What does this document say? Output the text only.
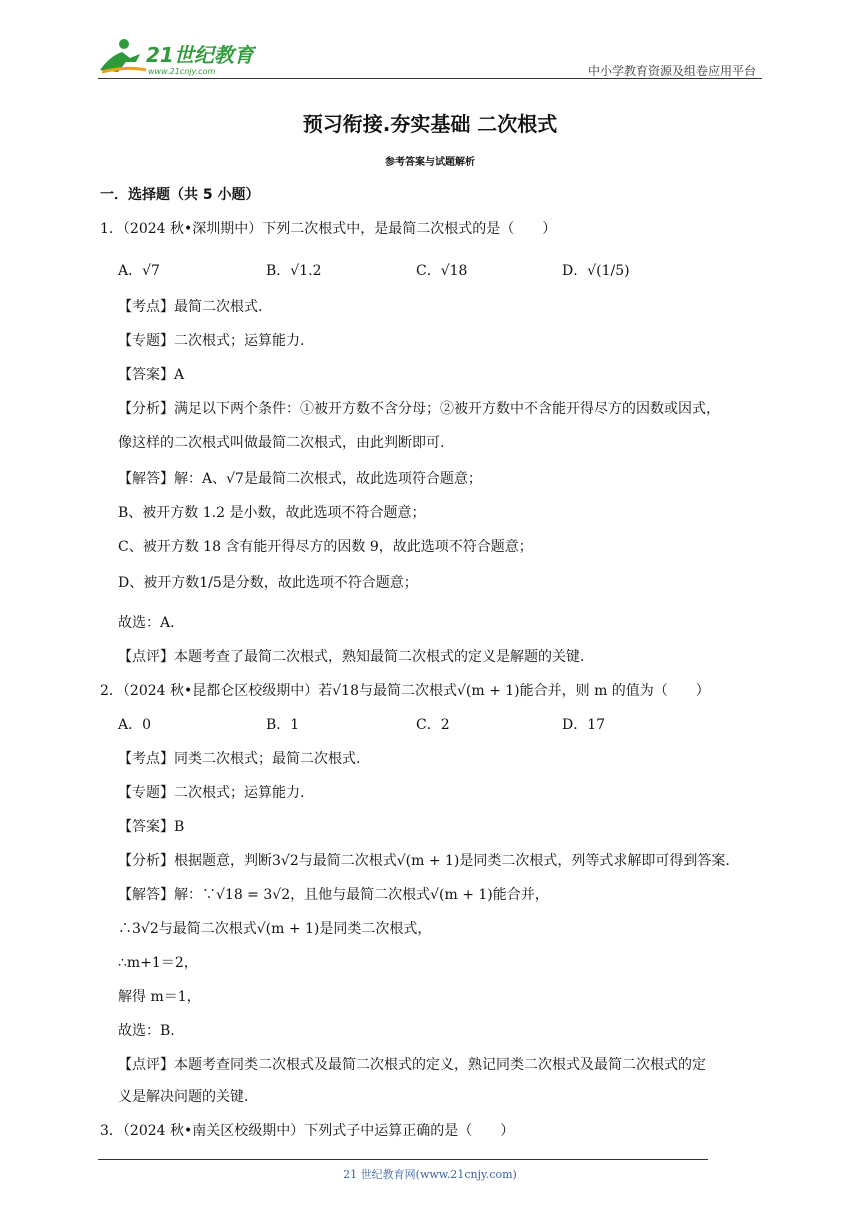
21世纪教育
www.21cnjy.com	中小学教育资源及组卷应用平台
预习衔接.夯实基础 二次根式
参考答案与试题解析
一．选择题（共 5 小题）
1．（2024 秋•深圳期中）下列二次根式中，是最简二次根式的是（　　）
A．√7	B．√1.2	C．√18	D．√(1/5)
【考点】最简二次根式.
【专题】二次根式；运算能力.
【答案】A
【分析】满足以下两个条件：①被开方数不含分母；②被开方数中不含能开得尽方的因数或因式，
像这样的二次根式叫做最简二次根式，由此判断即可.
【解答】解：A、√7是最简二次根式，故此选项符合题意；
B、被开方数 1.2 是小数，故此选项不符合题意；
C、被开方数 18 含有能开得尽方的因数 9，故此选项不符合题意；
D、被开方数1/5是分数，故此选项不符合题意；
故选：A.
【点评】本题考查了最简二次根式，熟知最简二次根式的定义是解题的关键.
2．（2024 秋•昆都仑区校级期中）若√18与最简二次根式√(m + 1)能合并，则 m 的值为（　　）
A．0	B．1	C．2	D．17
【考点】同类二次根式；最简二次根式.
【专题】二次根式；运算能力.
【答案】B
【分析】根据题意，判断3√2与最简二次根式√(m + 1)是同类二次根式，列等式求解即可得到答案.
【解答】解：∵√18 = 3√2，且他与最简二次根式√(m + 1)能合并，
∴3√2与最简二次根式√(m + 1)是同类二次根式，
∴m+1＝2，
解得 m＝1，
故选：B.
【点评】本题考查同类二次根式及最简二次根式的定义，熟记同类二次根式及最简二次根式的定
义是解决问题的关键.
3．（2024 秋•南关区校级期中）下列式子中运算正确的是（　　）
21 世纪教育网(www.21cnjy.com)
